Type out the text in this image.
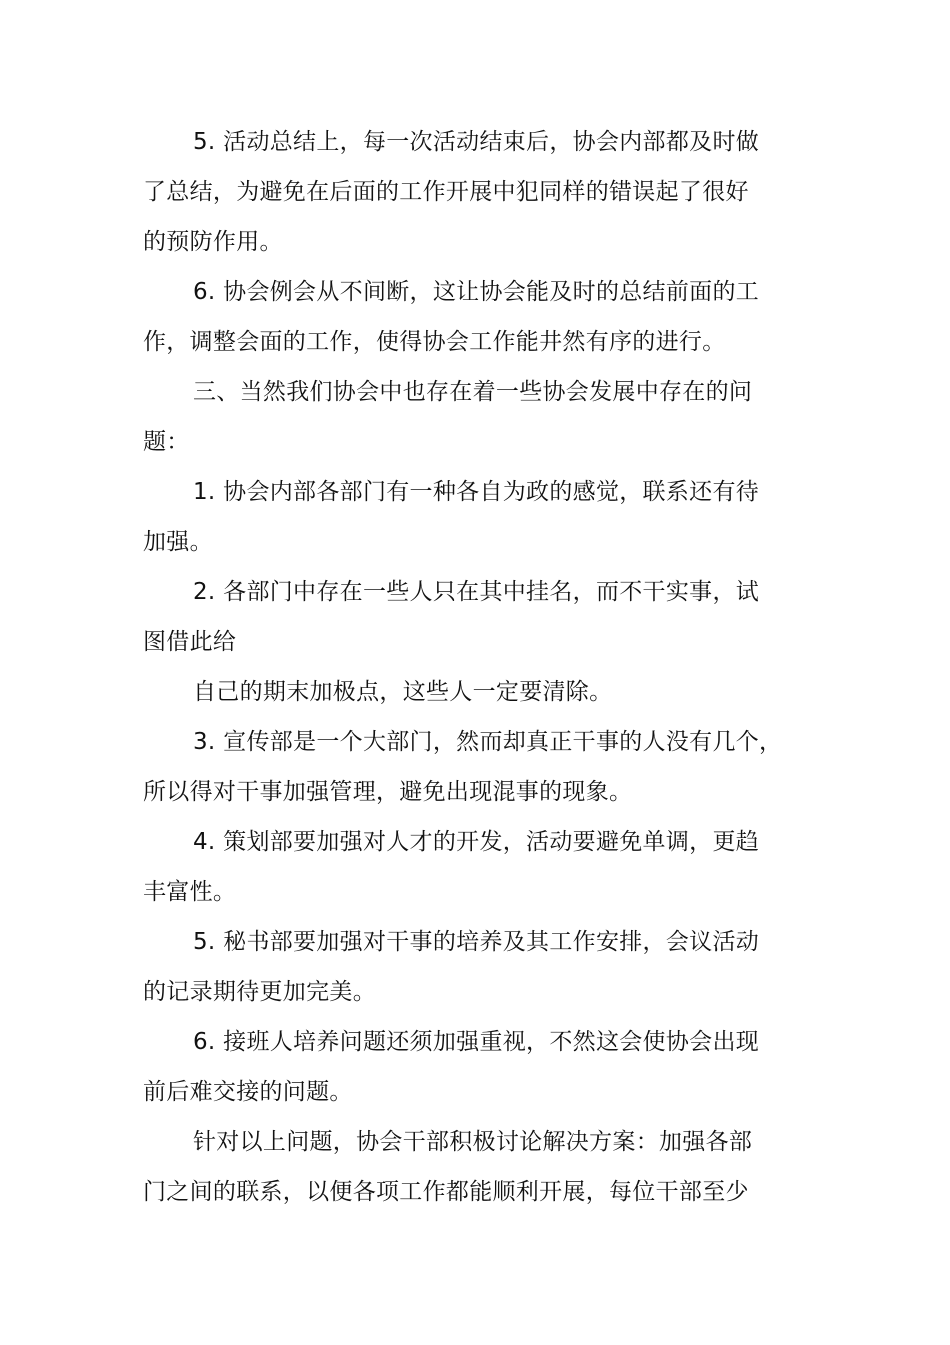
5. 活动总结上，每一次活动结束后，协会内部都及时做
了总结，为避免在后面的工作开展中犯同样的错误起了很好
的预防作用。
6. 协会例会从不间断，这让协会能及时的总结前面的工
作，调整会面的工作，使得协会工作能井然有序的进行。
三、当然我们协会中也存在着一些协会发展中存在的问
题：
1. 协会内部各部门有一种各自为政的感觉，联系还有待
加强。
2. 各部门中存在一些人只在其中挂名，而不干实事，试
图借此给
自己的期末加极点，这些人一定要清除。
3. 宣传部是一个大部门，然而却真正干事的人没有几个，
所以得对干事加强管理，避免出现混事的现象。
4. 策划部要加强对人才的开发，活动要避免单调，更趋
丰富性。
5. 秘书部要加强对干事的培养及其工作安排，会议活动
的记录期待更加完美。
6. 接班人培养问题还须加强重视，不然这会使协会出现
前后难交接的问题。
针对以上问题，协会干部积极讨论解决方案：加强各部
门之间的联系，以便各项工作都能顺利开展，每位干部至少
